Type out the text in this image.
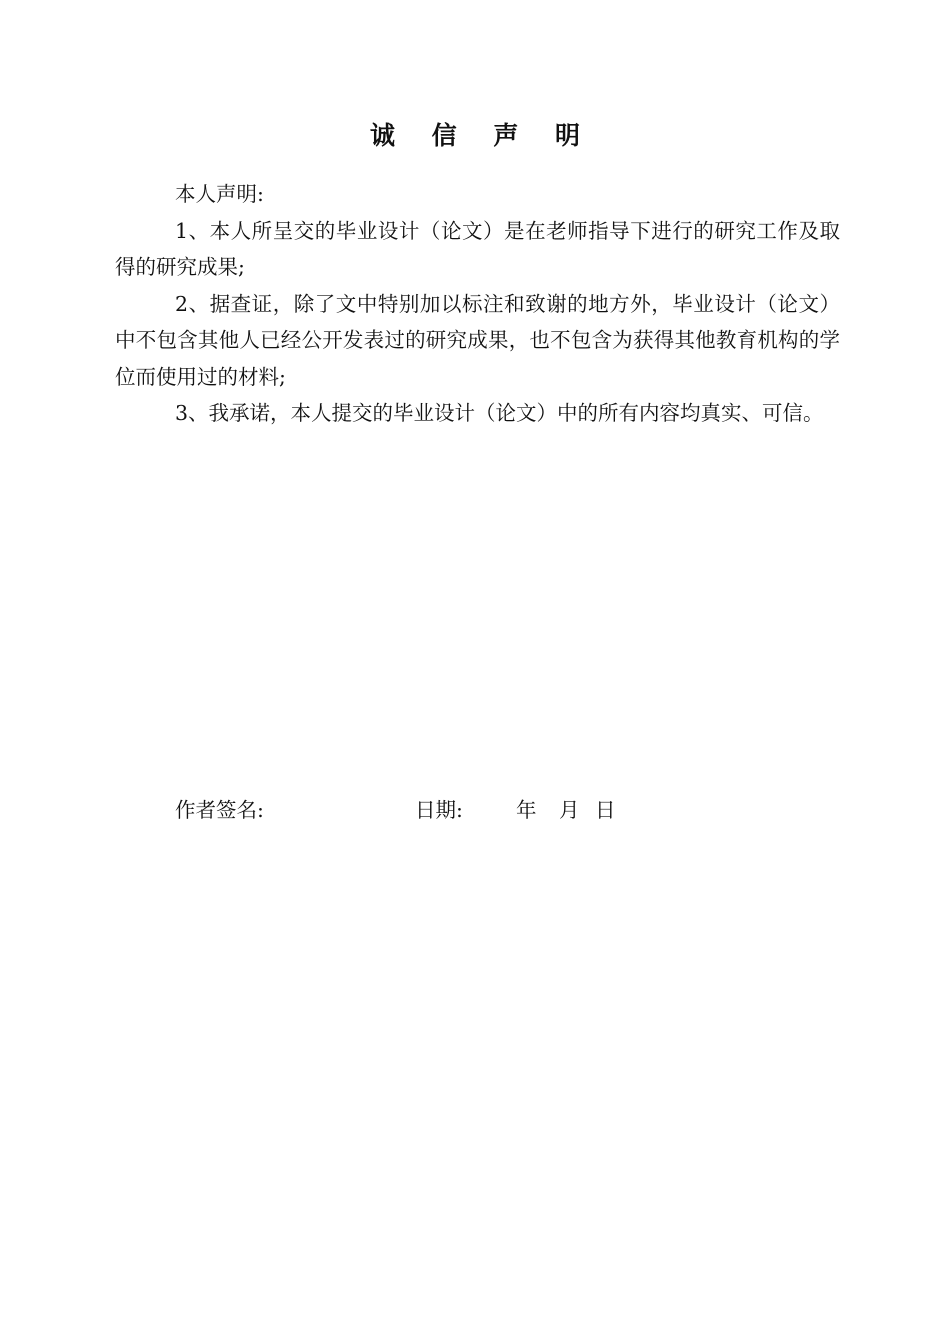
诚 信 声 明

本人声明:

1、本人所呈交的毕业设计（论文）是在老师指导下进行的研究工作及取得的研究成果;

2、据查证，除了文中特别加以标注和致谢的地方外，毕业设计（论文）中不包含其他人已经公开发表过的研究成果，也不包含为获得其他教育机构的学位而使用过的材料;

3、我承诺，本人提交的毕业设计（论文）中的所有内容均真实、可信。

作者签名:	日期:	年 月 日
